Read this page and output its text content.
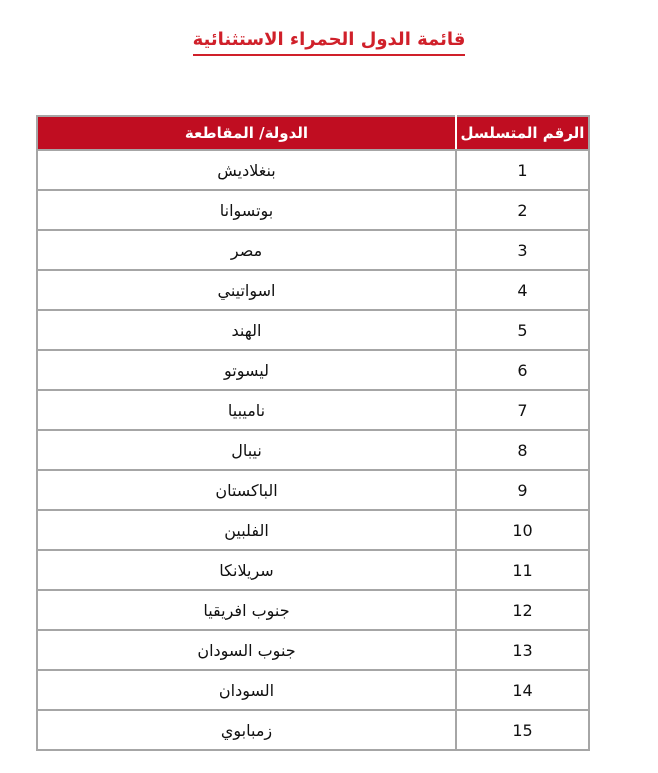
قائمة الدول الحمراء الاستثنائية
الرقم المتسلسل	الدولة/ المقاطعة
1	بنغلاديش
2	بوتسوانا
3	مصر
4	اسواتيني
5	الهند
6	ليسوتو
7	ناميبيا
8	نيبال
9	الباكستان
10	الفلبين
11	سريلانكا
12	جنوب افريقيا
13	جنوب السودان
14	السودان
15	زمبابوي
